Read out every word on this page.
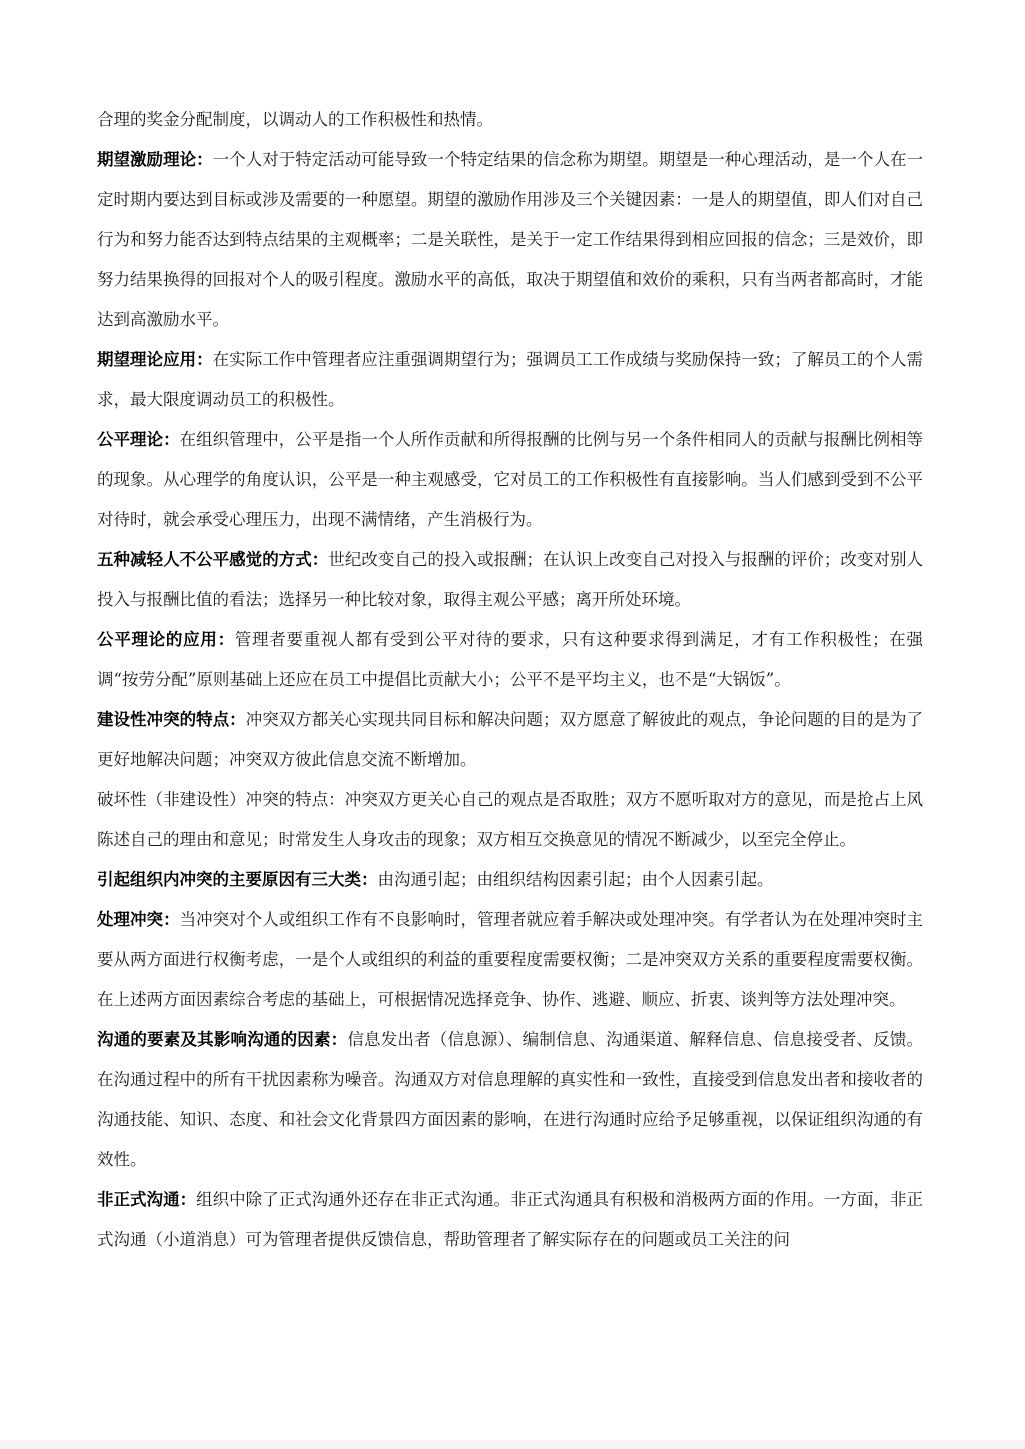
合理的奖金分配制度，以调动人的工作积极性和热情。

期望激励理论：一个人对于特定活动可能导致一个特定结果的信念称为期望。期望是一种心理活动，是一个人在一定时期内要达到目标或涉及需要的一种愿望。期望的激励作用涉及三个关键因素：一是人的期望值，即人们对自己行为和努力能否达到特点结果的主观概率；二是关联性，是关于一定工作结果得到相应回报的信念；三是效价，即努力结果换得的回报对个人的吸引程度。激励水平的高低，取决于期望值和效价的乘积，只有当两者都高时，才能达到高激励水平。

期望理论应用：在实际工作中管理者应注重强调期望行为；强调员工工作成绩与奖励保持一致；了解员工的个人需求，最大限度调动员工的积极性。

公平理论：在组织管理中，公平是指一个人所作贡献和所得报酬的比例与另一个条件相同人的贡献与报酬比例相等的现象。从心理学的角度认识，公平是一种主观感受，它对员工的工作积极性有直接影响。当人们感到受到不公平对待时，就会承受心理压力，出现不满情绪，产生消极行为。

五种减轻人不公平感觉的方式：世纪改变自己的投入或报酬；在认识上改变自己对投入与报酬的评价；改变对别人投入与报酬比值的看法；选择另一种比较对象，取得主观公平感；离开所处环境。

公平理论的应用：管理者要重视人都有受到公平对待的要求，只有这种要求得到满足，才有工作积极性；在强调“按劳分配”原则基础上还应在员工中提倡比贡献大小；公平不是平均主义，也不是“大锅饭”。

建设性冲突的特点：冲突双方都关心实现共同目标和解决问题；双方愿意了解彼此的观点，争论问题的目的是为了更好地解决问题；冲突双方彼此信息交流不断增加。

破坏性（非建设性）冲突的特点：冲突双方更关心自己的观点是否取胜；双方不愿听取对方的意见，而是抢占上风陈述自己的理由和意见；时常发生人身攻击的现象；双方相互交换意见的情况不断减少，以至完全停止。

引起组织内冲突的主要原因有三大类：由沟通引起；由组织结构因素引起；由个人因素引起。

处理冲突：当冲突对个人或组织工作有不良影响时，管理者就应着手解决或处理冲突。有学者认为在处理冲突时主要从两方面进行权衡考虑，一是个人或组织的利益的重要程度需要权衡；二是冲突双方关系的重要程度需要权衡。在上述两方面因素综合考虑的基础上，可根据情况选择竞争、协作、逃避、顺应、折衷、谈判等方法处理冲突。

沟通的要素及其影响沟通的因素：信息发出者（信息源）、编制信息、沟通渠道、解释信息、信息接受者、反馈。在沟通过程中的所有干扰因素称为噪音。沟通双方对信息理解的真实性和一致性，直接受到信息发出者和接收者的沟通技能、知识、态度、和社会文化背景四方面因素的影响，在进行沟通时应给予足够重视，以保证组织沟通的有效性。

非正式沟通：组织中除了正式沟通外还存在非正式沟通。非正式沟通具有积极和消极两方面的作用。一方面，非正式沟通（小道消息）可为管理者提供反馈信息，帮助管理者了解实际存在的问题或员工关注的问
